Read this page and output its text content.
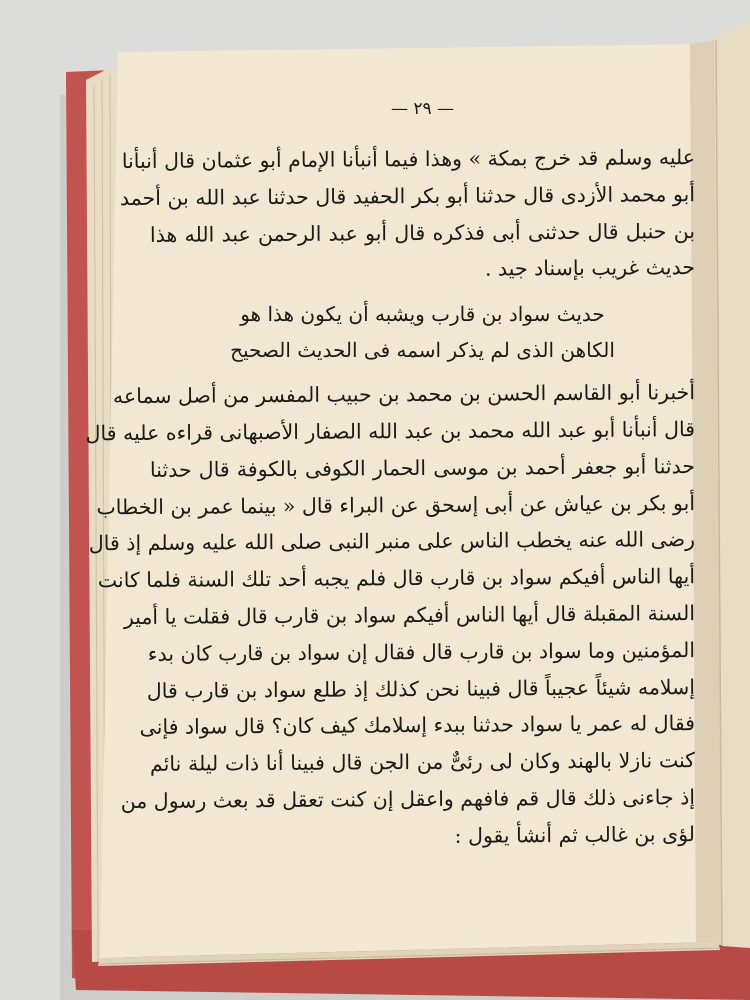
— ٢٩ —
عليه وسلم قد خرج بمكة » وهذا فيما أنبأنا الإمام أبو عثمان قال أنبأنا
أبو محمد الأزدى قال حدثنا أبو بكر الحفيد قال حدثنا عبد الله بن أحمد
بن حنبل قال حدثنى أبى فذكره قال أبو عبد الرحمن عبد الله هذا
حديث غريب بإسناد جيد .
حديث سواد بن قارب ويشبه أن يكون هذا هو
الكاهن الذى لم يذكر اسمه فى الحديث الصحيح
أخبرنا أبو القاسم الحسن بن محمد بن حبيب المفسر من أصل سماعه
قال أنبأنا أبو عبد الله محمد بن عبد الله الصفار الأصبهانى قراءه عليه قال
حدثنا أبو جعفر أحمد بن موسى الحمار الكوفى بالكوفة قال حدثنا
أبو بكر بن عياش عن أبى إسحق عن البراء قال « بينما عمر بن الخطاب
رضى الله عنه يخطب الناس على منبر النبى صلى الله عليه وسلم إذ قال
أيها الناس أفيكم سواد بن قارب قال فلم يجبه أحد تلك السنة فلما كانت
السنة المقبلة قال أيها الناس أفيكم سواد بن قارب قال فقلت يا أمير
المؤمنين وما سواد بن قارب قال فقال إن سواد بن قارب كان بدء
إسلامه شيئاً عجيباً قال فبينا نحن كذلك إذ طلع سواد بن قارب قال
فقال له عمر يا سواد حدثنا ببدء إسلامك كيف كان؟ قال سواد فإنى
كنت نازلا بالهند وكان لى رئىٌّ من الجن قال فبينا أنا ذات ليلة نائم
إذ جاءنى ذلك قال قم فافهم واعقل إن كنت تعقل قد بعث رسول من
لؤى بن غالب ثم أنشأ يقول :
